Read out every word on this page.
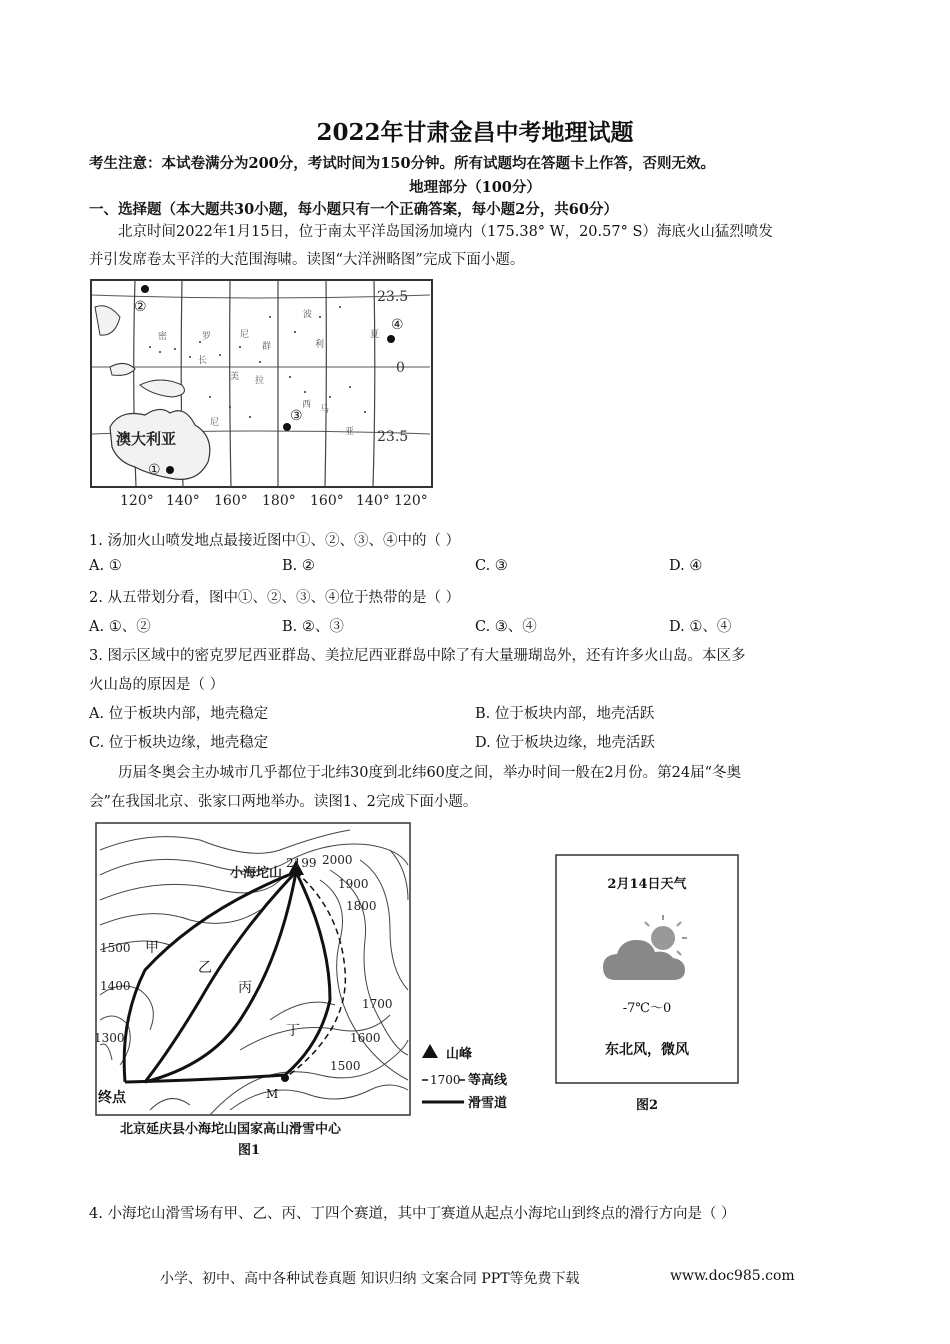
2022年甘肃金昌中考地理试题
考生注意：本试卷满分为200分，考试时间为150分钟。所有试题均在答题卡上作答，否则无效。
地理部分（100分）
一、选择题（本大题共30小题，每小题只有一个正确答案，每小题2分，共60分）
北京时间2022年1月15日，位于南太平洋岛国汤加境内（175.38° W，20.57° S）海底火山猛烈喷发
并引发席卷太平洋的大范围海啸。读图“大洋洲略图”完成下面小题。
23.5
0
23.5
密	罗	尼
长
群
美 拉
尼
波
利
亚
马
夏
西
澳大利亚
②
④
③
①
120° 140° 160° 180° 160° 140° 120°
1. 汤加火山喷发地点最接近图中①、②、③、④中的（ ）
A. ①	B. ②	C. ③	D. ④
2. 从五带划分看，图中①、②、③、④位于热带的是（ ）
A. ①、②	B. ②、③	C. ③、④	D. ①、④
3. 图示区域中的密克罗尼西亚群岛、美拉尼西亚群岛中除了有大量珊瑚岛外，还有许多火山岛。本区多
火山岛的原因是（ ）
A. 位于板块内部，地壳稳定	B. 位于板块内部，地壳活跃
C. 位于板块边缘，地壳稳定	D. 位于板块边缘，地壳活跃
历届冬奥会主办城市几乎都位于北纬30度到北纬60度之间，举办时间一般在2月份。第24届“冬奥
会”在我国北京、张家口两地举办。读图1、2完成下面小题。
小海坨山
2199 2000
1900
1800
1500
1400
1300
1700
1600
1500
甲
乙
丙
丁
M
终点
北京延庆县小海坨山国家高山滑雪中心
图1
山峰
1700 等高线
滑雪道
2月14日天气
-7℃～0
东北风，微风
图2
4. 小海坨山滑雪场有甲、乙、丙、丁四个赛道，其中丁赛道从起点小海坨山到终点的滑行方向是（ ）
小学、初中、高中各种试卷真题 知识归纳 文案合同 PPT等免费下载	www.doc985.com
